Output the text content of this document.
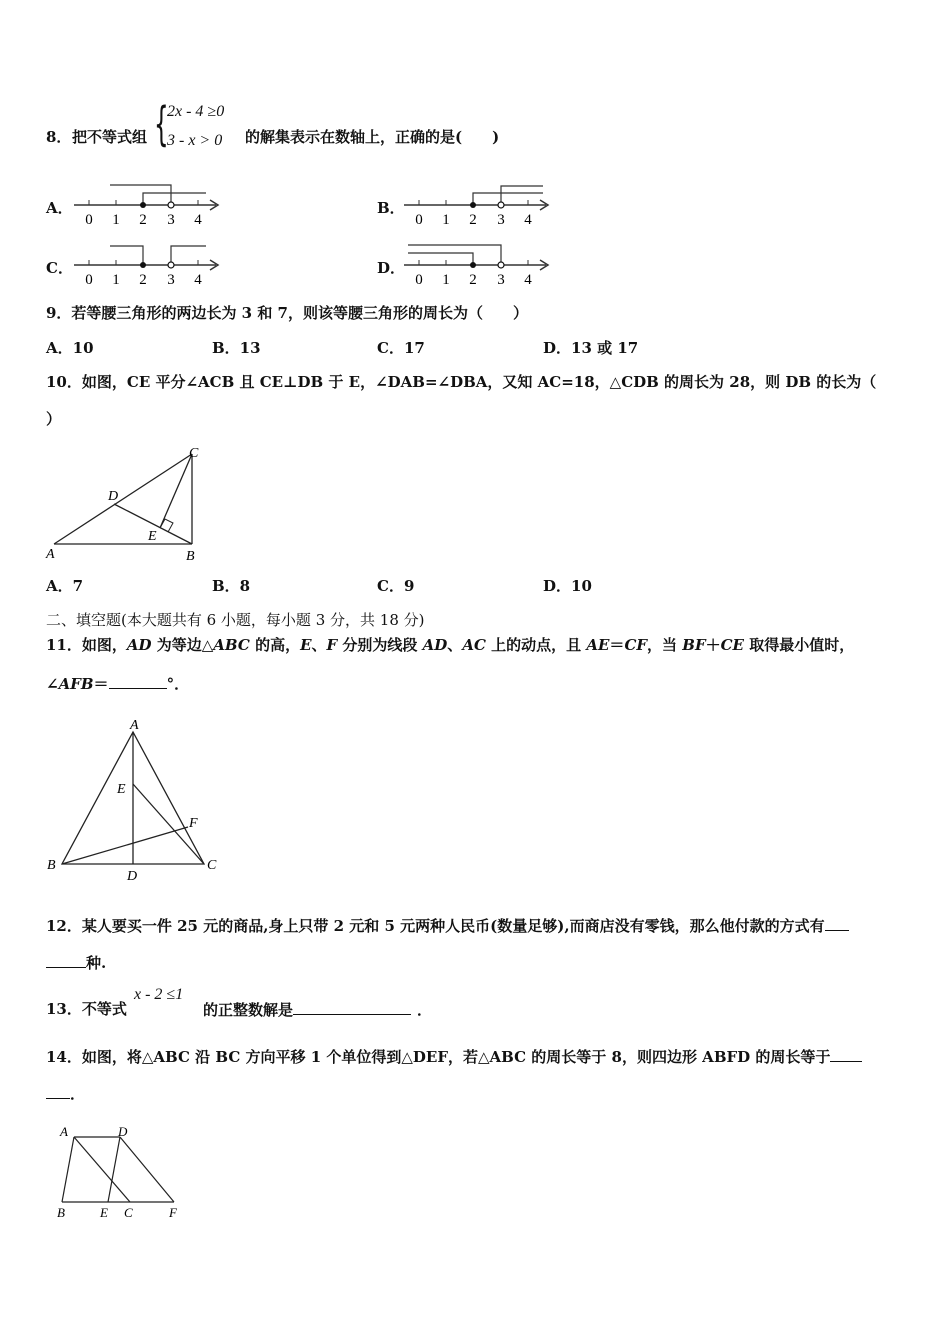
8． 把不等式组 {
2x - 4 ≥0
3 - x > 0 的解集表示在数轴上，正确的是(　　)
A．	B．
C．	D．
0 1 2 3 4	0 1 2 3 4
0 1 2 3 4	0 1 2 3 4
9．若等腰三角形的两边长为 3 和 7，则该等腰三角形的周长为（　　）
A．10	B．13	C．17	D．13 或 17
10．如图，CE 平分∠ACB 且 CE⊥DB 于 E，∠DAB=∠DBA，又知 AC=18，△CDB 的周长为 28，则 DB 的长为（
）
A	B
C
D
E
A．7	B．8	C．9	D．10
二、填空题(本大题共有 6 小题，每小题 3 分，共 18 分)
11．如图，AD 为等边△ABC 的高，E、F 分别为线段 AD、AC 上的动点，且 AE＝CF，当 BF＋CE 取得最小值时，
∠AFB＝	°．
A
B	C
D
E
F
12．某人要买一件 25 元的商品,身上只带 2 元和 5 元两种人民币(数量足够),而商店没有零钱，那么他付款的方式有
种.
13．不等式
x - 2 ≤1
的正整数解是	．
14．如图，将△ABC 沿 BC 方向平移 1 个单位得到△DEF，若△ABC 的周长等于 8，则四边形 ABFD 的周长等于
．
A	D
B	E C	F
